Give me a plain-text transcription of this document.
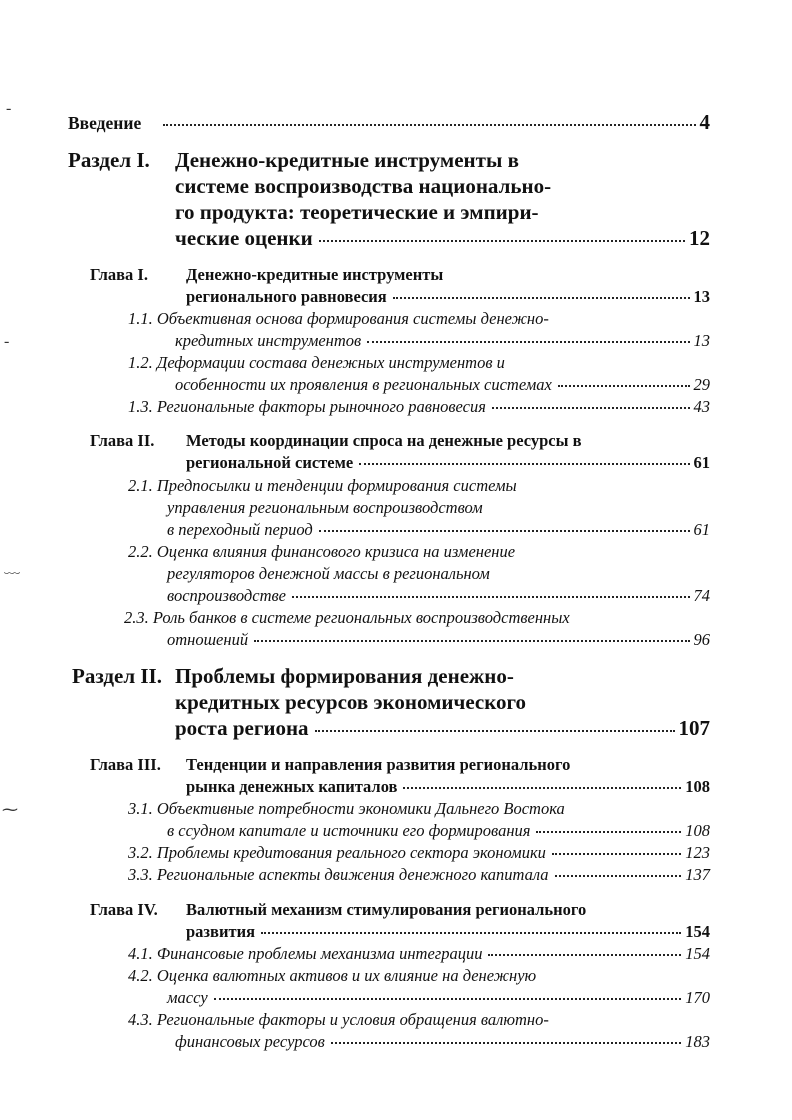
‐
‐
﹋
⁓
Введение	4
Раздел I. Денежно-кредитные инструменты в
системе воспроизводства национально-
го продукта: теоретические и эмпири-
ческие оценки	12
Глава I. Денежно-кредитные инструменты
регионального равновесия	13
1.1. Объективная основа формирования системы денежно-
кредитных инструментов	13
1.2. Деформации состава денежных инструментов и
особенности их проявления в региональных системах	29
1.3. Региональные факторы рыночного равновесия	43
Глава II. Методы координации спроса на денежные ресурсы в
региональной системе	61
2.1. Предпосылки и тенденции формирования системы
управления региональным воспроизводством
в переходный период	61
2.2. Оценка влияния финансового кризиса на изменение
регуляторов денежной массы в региональном
воспроизводстве	74
2.3. Роль банков в системе региональных воспроизводственных
отношений	96
Раздел II. Проблемы формирования денежно-
кредитных ресурсов экономического
роста региона	107
Глава III. Тенденции и направления развития регионального
рынка денежных капиталов	108
3.1. Объективные потребности экономики Дальнего Востока
в ссудном капитале и источники его формирования	108
3.2. Проблемы кредитования реального сектора экономики	123
3.3. Региональные аспекты движения денежного капитала	137
Глава IV. Валютный механизм стимулирования регионального
развития	154
4.1. Финансовые проблемы механизма интеграции	154
4.2. Оценка валютных активов и их влияние на денежную
массу	170
4.3. Региональные факторы и условия обращения валютно-
финансовых ресурсов	183
